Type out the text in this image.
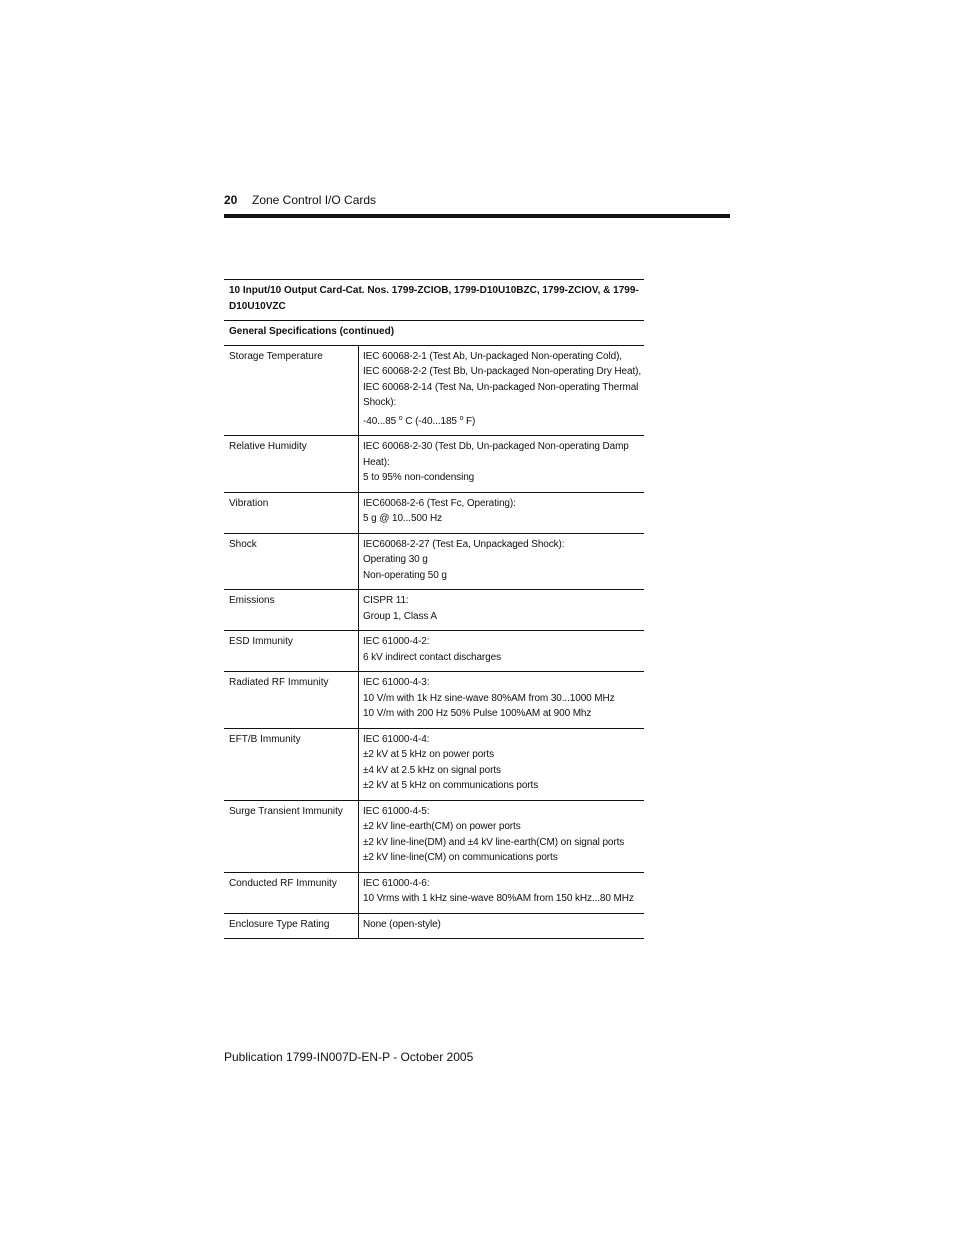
20 Zone Control I/O Cards
10 Input/10 Output Card-Cat. Nos. 1799-ZCIOB, 1799-D10U10BZC, 1799-ZCIOV, & 1799-D10U10VZC	
General Specifications (continued)	
Storage Temperature	IEC 60068-2-1 (Test Ab, Un-packaged Non-operating Cold),
IEC 60068-2-2 (Test Bb, Un-packaged Non-operating Dry Heat),
IEC 60068-2-14 (Test Na, Un-packaged Non-operating Thermal Shock):
-40...85 $^o$ C (-40...185 $^o$ F)

Relative Humidity	IEC 60068-2-30 (Test Db, Un-packaged Non-operating Damp Heat):
5 to 95% non-condensing

Vibration	IEC60068-2-6 (Test Fc, Operating):
5 g @ 10...500 Hz

Shock	IEC60068-2-27 (Test Ea, Unpackaged Shock):
Operating 30 g
Non-operating 50 g

Emissions	CISPR 11:
Group 1, Class A

ESD Immunity	IEC 61000-4-2:
6 kV indirect contact discharges

Radiated RF Immunity	IEC 61000-4-3:
10 V/m with 1k Hz sine-wave 80%AM from 30...1000 MHz
10 V/m with 200 Hz 50% Pulse 100%AM at 900 Mhz

EFT/B Immunity	IEC 61000-4-4:
±2 kV at 5 kHz on power ports
±4 kV at 2.5 kHz on signal ports
±2 kV at 5 kHz on communications ports

Surge Transient Immunity	IEC 61000-4-5:
±2 kV line-earth(CM) on power ports
±2 kV line-line(DM) and ±4 kV line-earth(CM) on signal ports
±2 kV line-line(CM) on communications ports

Conducted RF Immunity	IEC 61000-4-6:
10 Vrms with 1 kHz sine-wave 80%AM from 150 kHz...80 MHz

Enclosure Type Rating	None (open-style)
Publication 1799-IN007D-EN-P - October 2005
